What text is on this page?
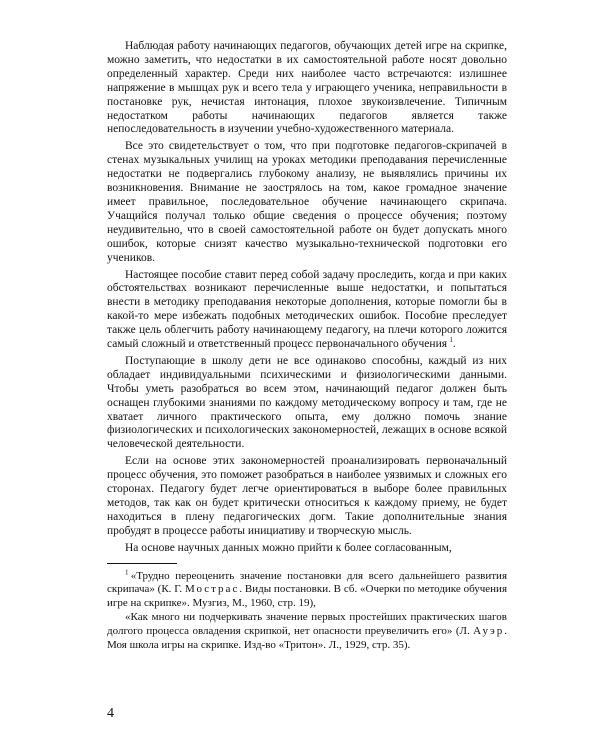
Наблюдая работу начинающих педагогов, обучающих детей игре на скрипке, можно заметить, что недостатки в их самостоятельной работе носят довольно определенный характер. Среди них наиболее часто встречаются: излишнее напряжение в мышцах рук и всего тела у играющего ученика, неправильности в постановке рук, нечистая интонация, плохое звукоизвлечение. Типичным недостатком работы начинающих педагогов является также непоследовательность в изучении учебно-художественного материала.

Все это свидетельствует о том, что при подготовке педагогов-скрипачей в стенах музыкальных училищ на уроках методики преподавания перечисленные недостатки не подвергались глубокому анализу, не выявлялись причины их возникновения. Внимание не заострялось на том, какое громадное значение имеет правильное, последовательное обучение начинающего скрипача. Учащийся получал только общие сведения о процессе обучения; поэтому неудивительно, что в своей самостоятельной работе он будет допускать много ошибок, которые снизят качество музыкально-технической подготовки его учеников.

Настоящее пособие ставит перед собой задачу проследить, когда и при каких обстоятельствах возникают перечисленные выше недостатки, и попытаться внести в методику преподавания некоторые дополнения, которые помогли бы в какой-то мере избежать подобных методических ошибок. Пособие преследует также цель облегчить работу начинающему педагогу, на плечи которого ложится самый сложный и ответственный процесс первоначального обучения  $^1$.

Поступающие в школу дети не все одинаково способны, каждый из них обладает индивидуальными психическими и физиологическими данными. Чтобы уметь разобраться во всем этом, начинающий педагог должен быть оснащен глубокими знаниями по каждому методическому вопросу и там, где не хватает личного практического опыта, ему должно помочь знание физиологических и психологических закономерностей, лежащих в основе всякой человеческой деятельности.

Если на основе этих закономерностей проанализировать первоначальный процесс обучения, это поможет разобраться в наиболее уязвимых и сложных его сторонах. Педагогу будет легче ориентироваться в выборе более правильных методов, так как он будет критически относиться к каждому приему, не будет находиться в плену педагогических догм. Такие дополнительные знания пробудят в процессе работы инициативу и творческую мысль.

На основе научных данных можно прийти к более согласованным,

$^1$  «Трудно переоценить значение постановки для всего дальнейшего развития скрипача» (К. Г. Мострас. Виды постановки. В сб. «Очерки по методике обучения игре на скрипке». Музгиз, М., 1960, стр. 19),

«Как много ни подчеркивать значение первых простейших практических шагов долгого процесса овладения скрипкой, нет опасности преувеличить его» (Л. Ауэр. Моя школа игры на скрипке. Изд-во «Тритон». Л., 1929, стр. 35).

4
